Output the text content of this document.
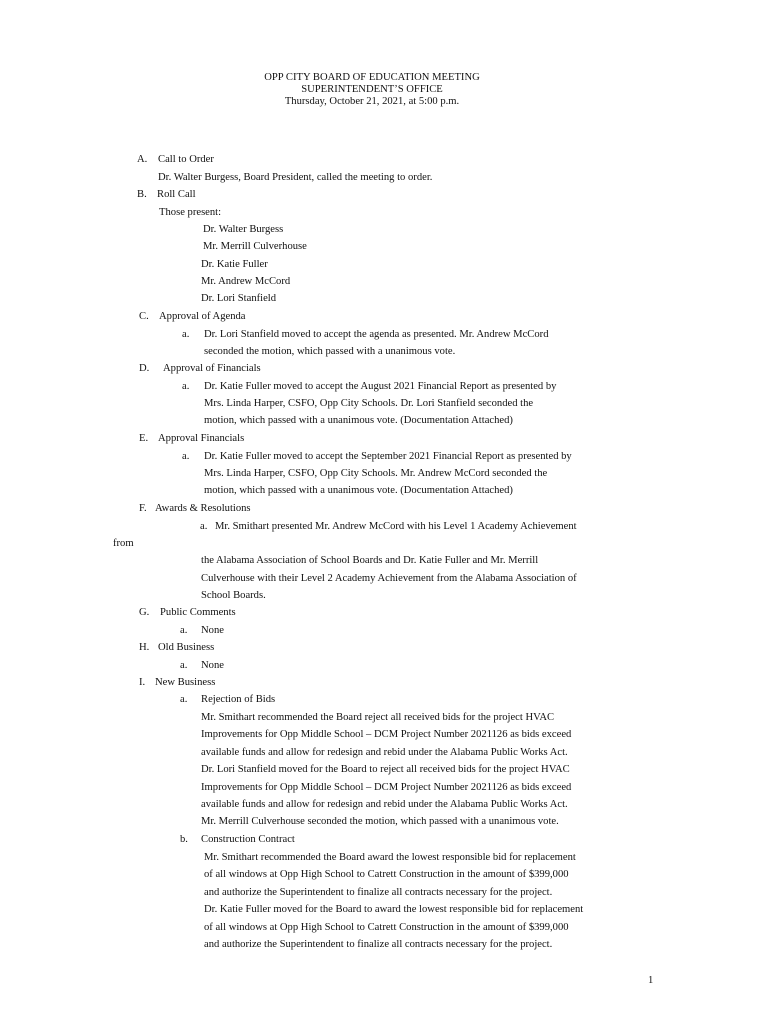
OPP CITY BOARD OF EDUCATION MEETING
SUPERINTENDENT’S OFFICE
Thursday, October 21, 2021, at 5:00 p.m.
A. Call to Order
Dr. Walter Burgess, Board President, called the meeting to order.
B. Roll Call
Those present:
Dr. Walter Burgess
Mr. Merrill Culverhouse
Dr. Katie Fuller
Mr. Andrew McCord
Dr. Lori Stanfield
C. Approval of Agenda
a. Dr. Lori Stanfield moved to accept the agenda as presented. Mr. Andrew McCord
seconded the motion, which passed with a unanimous vote.
D. Approval of Financials
a. Dr. Katie Fuller moved to accept the August 2021 Financial Report as presented by
Mrs. Linda Harper, CSFO, Opp City Schools. Dr. Lori Stanfield seconded the
motion, which passed with a unanimous vote. (Documentation Attached)
E. Approval Financials
a. Dr. Katie Fuller moved to accept the September 2021 Financial Report as presented by
Mrs. Linda Harper, CSFO, Opp City Schools. Mr. Andrew McCord seconded the
motion, which passed with a unanimous vote. (Documentation Attached)
F. Awards & Resolutions
a. Mr. Smithart presented Mr. Andrew McCord with his Level 1 Academy Achievement
from
the Alabama Association of School Boards and Dr. Katie Fuller and Mr. Merrill
Culverhouse with their Level 2 Academy Achievement from the Alabama Association of
School Boards.
G. Public Comments
a. None
H. Old Business
a. None
I. New Business
a. Rejection of Bids
Mr. Smithart recommended the Board reject all received bids for the project HVAC
Improvements for Opp Middle School – DCM Project Number 2021126 as bids exceed
available funds and allow for redesign and rebid under the Alabama Public Works Act.
Dr. Lori Stanfield moved for the Board to reject all received bids for the project HVAC
Improvements for Opp Middle School – DCM Project Number 2021126 as bids exceed
available funds and allow for redesign and rebid under the Alabama Public Works Act.
Mr. Merrill Culverhouse seconded the motion, which passed with a unanimous vote.
b. Construction Contract
Mr. Smithart recommended the Board award the lowest responsible bid for replacement
of all windows at Opp High School to Catrett Construction in the amount of $399,000
and authorize the Superintendent to finalize all contracts necessary for the project.
Dr. Katie Fuller moved for the Board to award the lowest responsible bid for replacement
of all windows at Opp High School to Catrett Construction in the amount of $399,000
and authorize the Superintendent to finalize all contracts necessary for the project.
1
